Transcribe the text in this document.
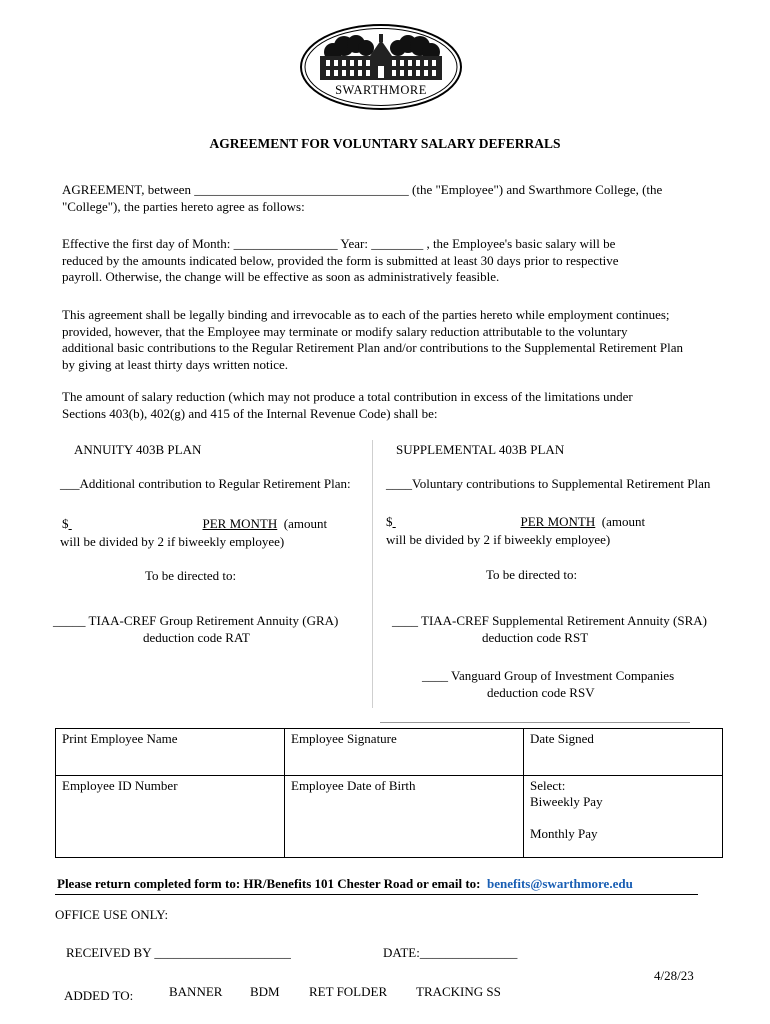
SWARTHMORE
AGREEMENT FOR VOLUNTARY SALARY DEFERRALS
AGREEMENT, between _________________________________ (the "Employee") and Swarthmore College, (the
"College"), the parties hereto agree as follows:
Effective the first day of Month: ________________ Year: ________ , the Employee's basic salary will be
reduced by the amounts indicated below, provided the form is submitted at least 30 days prior to respective
payroll. Otherwise, the change will be effective as soon as administratively feasible.
This agreement shall be legally binding and irrevocable as to each of the parties hereto while employment continues;
provided, however, that the Employee may terminate or modify salary reduction attributable to the voluntary
additional basic contributions to the Regular Retirement Plan and/or contributions to the Supplemental Retirement Plan
by giving at least thirty days written notice.
The amount of salary reduction (which may not produce a total contribution in excess of the limitations under
Sections 403(b), 402(g) and 415 of the Internal Revenue Code) shall be:
ANNUITY 403B PLAN
___Additional contribution to Regular Retirement Plan:
$	PER MONTH (amount
will be divided by 2 if biweekly employee)
To be directed to:
_____ TIAA-CREF Group Retirement Annuity (GRA)
deduction code RAT
SUPPLEMENTAL 403B PLAN
____Voluntary contributions to Supplemental Retirement Plan
$	PER MONTH (amount
will be divided by 2 if biweekly employee)
To be directed to:
____ TIAA-CREF Supplemental Retirement Annuity (SRA)
deduction code RST
____ Vanguard Group of Investment Companies
deduction code RSV
Print Employee Name	Employee Signature	Date Signed
Employee ID Number	Employee Date of Birth	Select:
Biweekly Pay
Monthly Pay
Please return completed form to: HR/Benefits 101 Chester Road or email to: benefits@swarthmore.edu
OFFICE USE ONLY:
RECEIVED BY _____________________	DATE:_______________
4/28/23
ADDED TO:	BANNER BDM RET FOLDER TRACKING SS
